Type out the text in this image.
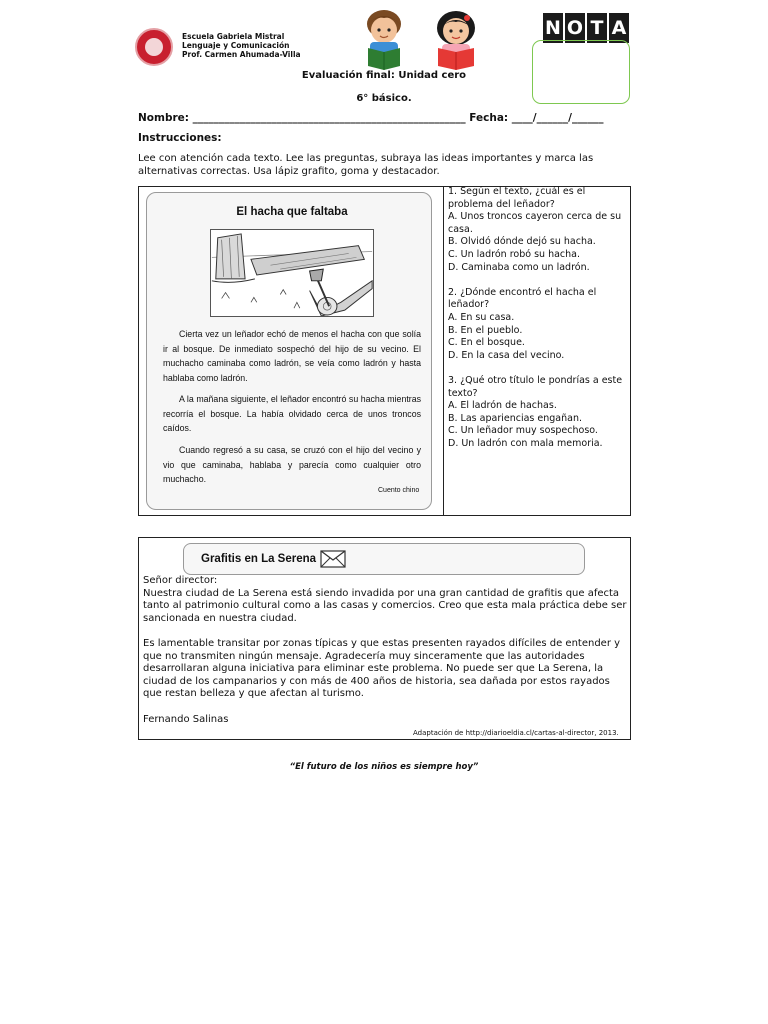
Escuela Gabriela Mistral
Lenguaje y Comunicación
Prof. Carmen Ahumada-Villa
N O T A
Evaluación final: Unidad cero
6° básico.
Nombre: ____________________________________________________ Fecha: ____/______/______
Instrucciones:
Lee con atención cada texto. Lee las preguntas, subraya las ideas importantes y marca las alternativas correctas. Usa lápiz grafito, goma y destacador.
El hacha que faltaba
Cierta vez un leñador echó de menos el hacha con que solía ir al bosque. De inmediato sospechó del hijo de su vecino. El muchacho caminaba como ladrón, se veía como ladrón y hasta hablaba como ladrón.
A la mañana siguiente, el leñador encontró su hacha mientras recorría el bosque. La había olvidado cerca de unos troncos caídos.
Cuando regresó a su casa, se cruzó con el hijo del vecino y vio que caminaba, hablaba y parecía como cualquier otro muchacho.
Cuento chino

1. Según el texto, ¿cuál es el problema del leñador?

A. Unos troncos cayeron cerca de su casa.

B. Olvidó dónde dejó su hacha.

C. Un ladrón robó su hacha.

D. Caminaba como un ladrón.

2. ¿Dónde encontró el hacha el leñador?

A. En su casa.

B. En el pueblo.

C. En el bosque.

D. En la casa del vecino.

3. ¿Qué otro título le pondrías a este texto?

A. El ladrón de hachas.

B. Las apariencias engañan.

C. Un leñador muy sospechoso.

D. Un ladrón con mala memoria.

Grafitis en La Serena

Señor director:

Nuestra ciudad de La Serena está siendo invadida por una gran cantidad de grafitis que afecta tanto al patrimonio cultural como a las casas y comercios. Creo que esta mala práctica debe ser sancionada en nuestra ciudad.

Es lamentable transitar por zonas típicas y que estas presenten rayados difíciles de entender y que no transmiten ningún mensaje. Agradecería muy sinceramente que las autoridades desarrollaran alguna iniciativa para eliminar este problema. No puede ser que La Serena, la ciudad de los campanarios y con más de 400 años de historia, sea dañada por estos rayados que restan belleza y que afectan al turismo.

Fernando Salinas

Adaptación de http://diarioeldia.cl/cartas-al-director, 2013.
“El futuro de los niños es siempre hoy”
